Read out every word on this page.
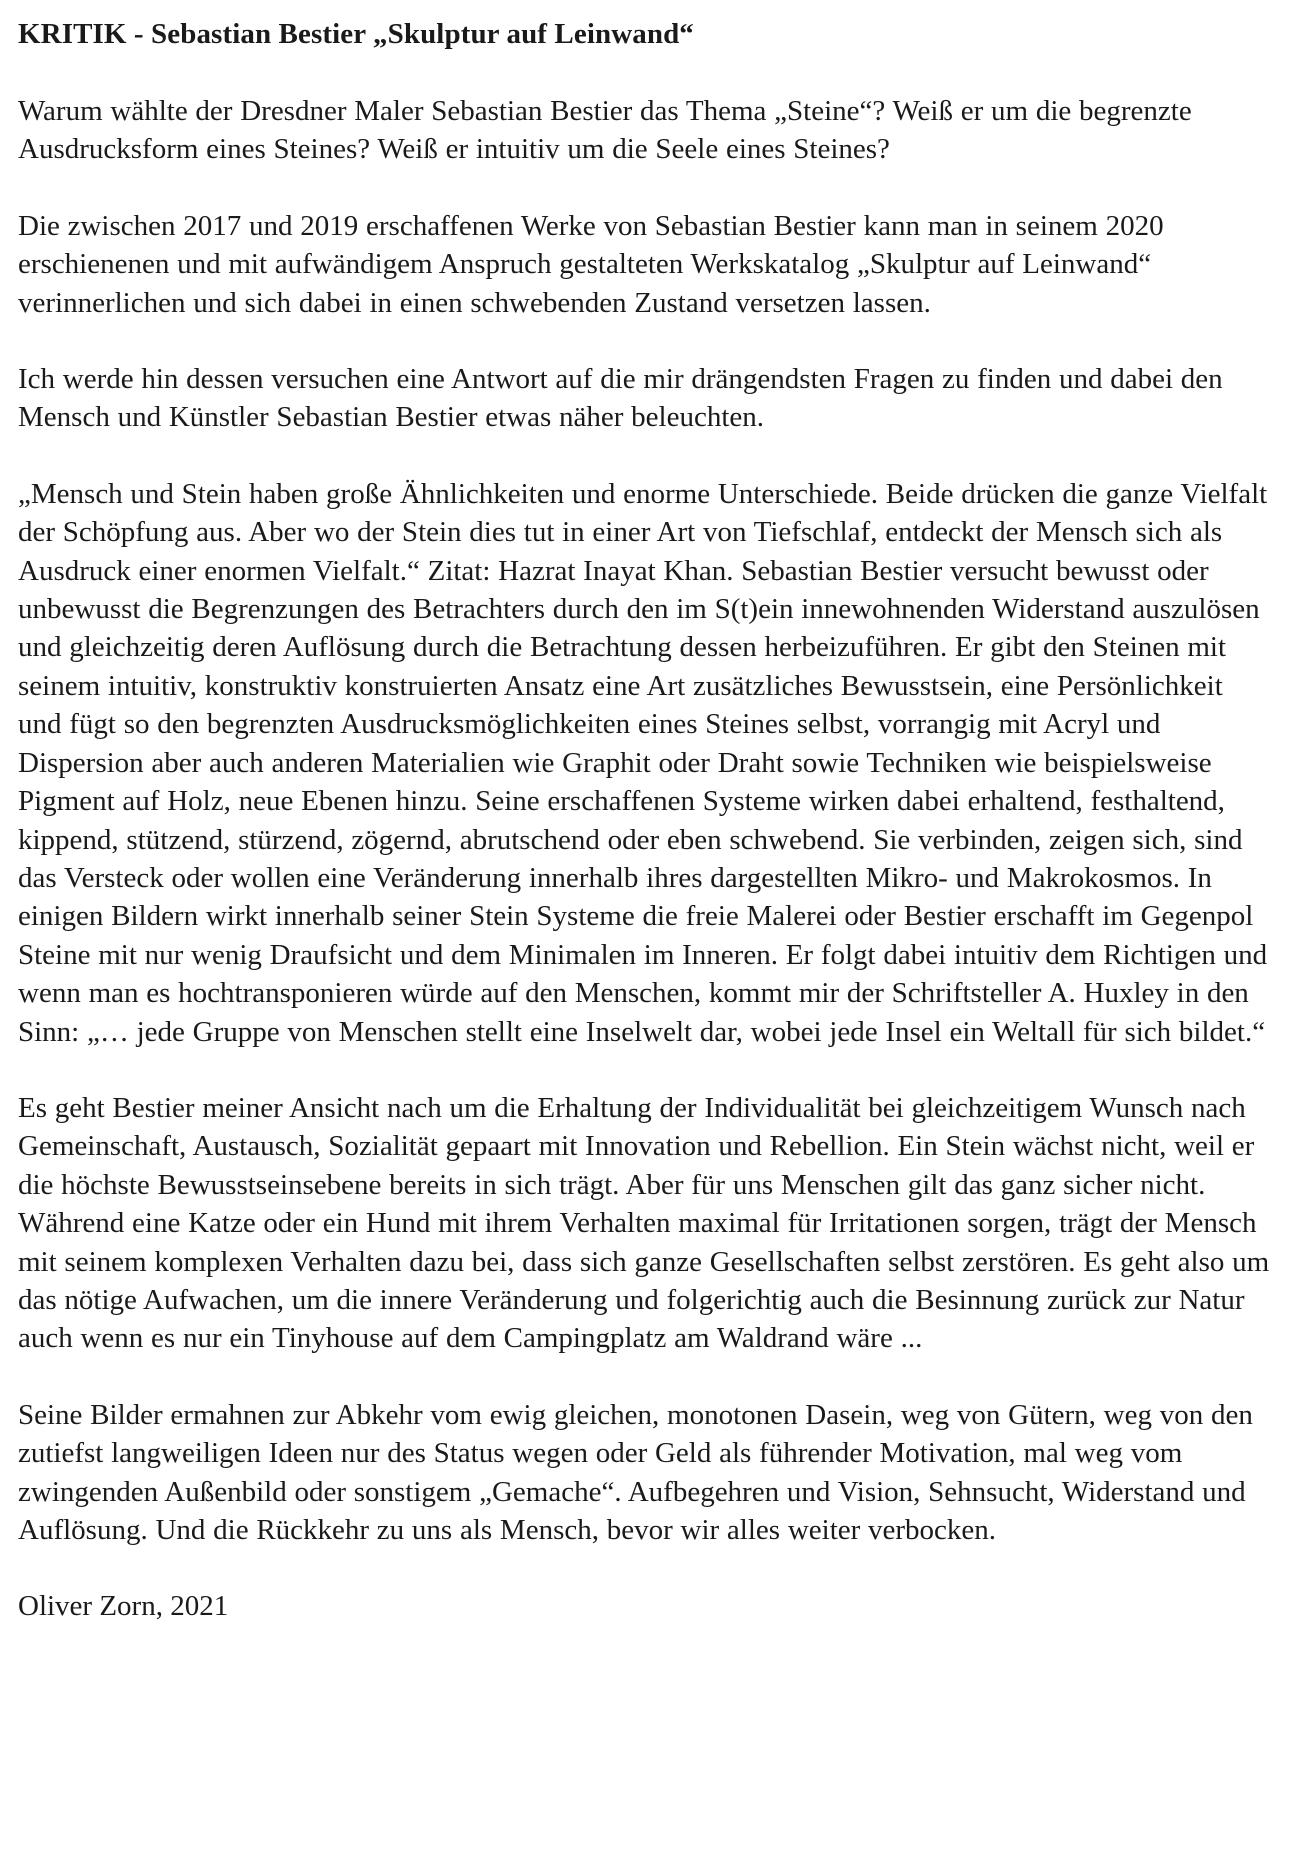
KRITIK - Sebastian Bestier „Skulptur auf Leinwand“

Warum wählte der Dresdner Maler Sebastian Bestier das Thema „Steine“? Weiß er um die begrenzte Ausdrucksform eines Steines? Weiß er intuitiv um die Seele eines Steines?

Die zwischen 2017 und 2019 erschaffenen Werke von Sebastian Bestier kann man in seinem 2020 erschienenen und mit aufwändigem Anspruch gestalteten Werkskatalog „Skulptur auf Leinwand“ verinnerlichen und sich dabei in einen schwebenden Zustand versetzen lassen.

Ich werde hin dessen versuchen eine Antwort auf die mir drängendsten Fragen zu finden und dabei den Mensch und Künstler Sebastian Bestier etwas näher beleuchten.

„Mensch und Stein haben große Ähnlichkeiten und enorme Unterschiede. Beide drücken die ganze Vielfalt der Schöpfung aus. Aber wo der Stein dies tut in einer Art von Tiefschlaf, entdeckt der Mensch sich als Ausdruck einer enormen Vielfalt.“ Zitat: Hazrat Inayat Khan. Sebastian Bestier versucht bewusst oder unbewusst die Begrenzungen des Betrachters durch den im S(t)ein innewohnenden Widerstand auszulösen und gleichzeitig deren Auflösung durch die Betrachtung dessen herbeizuführen. Er gibt den Steinen mit seinem intuitiv, konstruktiv konstruierten Ansatz eine Art zusätzliches Bewusstsein, eine Persönlichkeit und fügt so den begrenzten Ausdrucksmöglichkeiten eines Steines selbst, vorrangig mit Acryl und Dispersion aber auch anderen Materialien wie Graphit oder Draht sowie Techniken wie beispielsweise Pigment auf Holz, neue Ebenen hinzu. Seine erschaffenen Systeme wirken dabei erhaltend, festhaltend, kippend, stützend, stürzend, zögernd, abrutschend oder eben schwebend. Sie verbinden, zeigen sich, sind das Versteck oder wollen eine Veränderung innerhalb ihres dargestellten Mikro- und Makrokosmos. In einigen Bildern wirkt innerhalb seiner Stein Systeme die freie Malerei oder Bestier erschafft im Gegenpol Steine mit nur wenig Draufsicht und dem Minimalen im Inneren. Er folgt dabei intuitiv dem Richtigen und wenn man es hochtransponieren würde auf den Menschen, kommt mir der Schriftsteller A. Huxley in den Sinn: „… jede Gruppe von Menschen stellt eine Inselwelt dar, wobei jede Insel ein Weltall für sich bildet.“

Es geht Bestier meiner Ansicht nach um die Erhaltung der Individualität bei gleichzeitigem Wunsch nach Gemeinschaft, Austausch, Sozialität gepaart mit Innovation und Rebellion. Ein Stein wächst nicht, weil er die höchste Bewusstseinsebene bereits in sich trägt. Aber für uns Menschen gilt das ganz sicher nicht. Während eine Katze oder ein Hund mit ihrem Verhalten maximal für Irritationen sorgen, trägt der Mensch mit seinem komplexen Verhalten dazu bei, dass sich ganze Gesellschaften selbst zerstören. Es geht also um das nötige Aufwachen, um die innere Veränderung und folgerichtig auch die Besinnung zurück zur Natur auch wenn es nur ein Tinyhouse auf dem Campingplatz am Waldrand wäre ...

Seine Bilder ermahnen zur Abkehr vom ewig gleichen, monotonen Dasein, weg von Gütern, weg von den zutiefst langweiligen Ideen nur des Status wegen oder Geld als führender Motivation, mal weg vom zwingenden Außenbild oder sonstigem „Gemache“. Aufbegehren und Vision, Sehnsucht, Widerstand und Auflösung. Und die Rückkehr zu uns als Mensch, bevor wir alles weiter verbocken.

Oliver Zorn, 2021
